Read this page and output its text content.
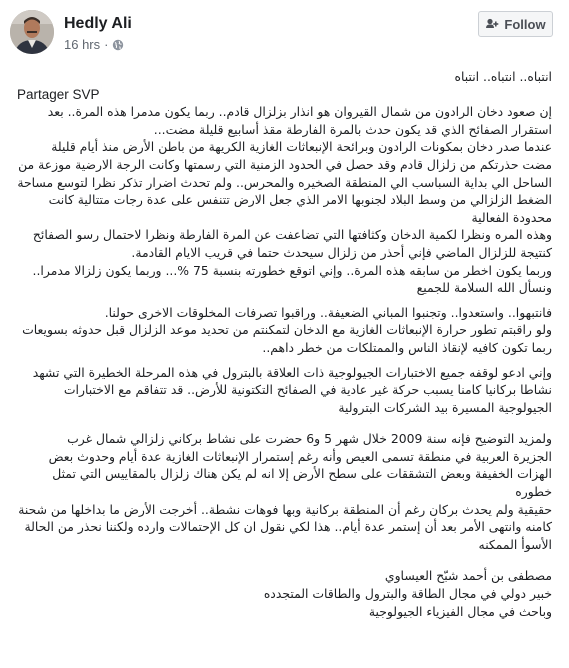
Hedly Ali
16 hrs ·
Follow

انتباه.. انتباه.. انتباه

Partager SVP

إن صعود دخان الرادون من شمال القيروان هو انذار بزلزال قادم.. ربما يكون مدمرا هذه المرة.. بعد

استقرار الصفائح الذي قد يكون حدث بالمرة الفارطة مقذ أسابيع قليلة مضت...

عندما صدر دخان بمكونات الرادون وبرائحة الإنبعاثات الغازية الكريهة من باطن الأرض منذ أيام قليلة

مضت حذرتكم من زلزال قادم وقد حصل في الحدود الزمنية التي رسمتها وكانت الرجة الارضية موزعة من

الساحل الي بداية السباسب الي المنطقة الصخيره والمحرس.. ولم تحدث اضرار تذكر نظرا لتوسع مساحة

الضغط الزلزالي من وسط البلاد لجنوبها الامر الذي جعل الارض تتنفس على عدة رجات متتالية كانت

محدودة الفعالية

وهذه المره ونظرا لكمية الدخان وكثافتها التي تضاعفت عن المرة الفارطة ونظرا لاحتمال رسو الصفائح

كنتيجة للزلزال الماضي فإني أحذر من زلزال سيحدث حتما في قريب الايام القادمة.

وربما يكون اخطر من سابقه هذه المرة.. وإني اتوقع خطورته بنسبة 75 %... وربما يكون زلزالا مدمرا..

ونسأل الله السلامة للجميع

فانتبهوا.. واستعدوا.. وتجنبوا المباني الضعيفة.. وراقبوا تصرفات المخلوقات الاخرى حولنا.

ولو راقبتم تطور حرارة الإنبعاثات الغازية مع الدخان لتمكنتم من تحديد موعد الزلزال قبل حدوثه بسويعات

ربما تكون كافيه لإنقاذ الناس والممتلكات من خطر داهم..

وإني ادعو لوقفه جميع الاختبارات الجيولوجية ذات العلاقة بالبترول في هذه المرحلة الخطيرة التي تشهد

نشاطا بركانيا كامنا يسبب حركة غير عادية في الصفائح التكتونية للأرض.. قد تتفاقم مع الاختبارات

الجيولوجية المسيرة بيد الشركات البترولية

ولمزيد التوضيح فإنه سنة 2009 خلال شهر 5 و6 حضرت على نشاط بركاني زلزالي شمال غرب

الجزيرة العربية في منطقة تسمى العيص وأنه رغم إستمرار الإنبعاثات الغازية عدة أيام وحدوث بعض

الهزات الخفيفة وبعض التشققات على سطح الأرض إلا انه لم يكن هناك زلزال بالمقاييس التي تمثل خطوره

حقيقية ولم يحدث بركان رغم أن المنطقة بركانية وبها فوهات نشطة.. أخرجت الأرض ما بداخلها من شحنة

كامنه وانتهى الأمر بعد أن إستمر عدة أيام.. هذا لكي نقول ان كل الإحتمالات وارده ولكننا نحذر من الحالة

الأسوأ الممكنه

مصطفى بن أحمد شبّح العيساوي

خبير دولي في مجال الطاقة والبترول والطاقات المتجدده

وباحث في مجال الفيزياء الجيولوجية
